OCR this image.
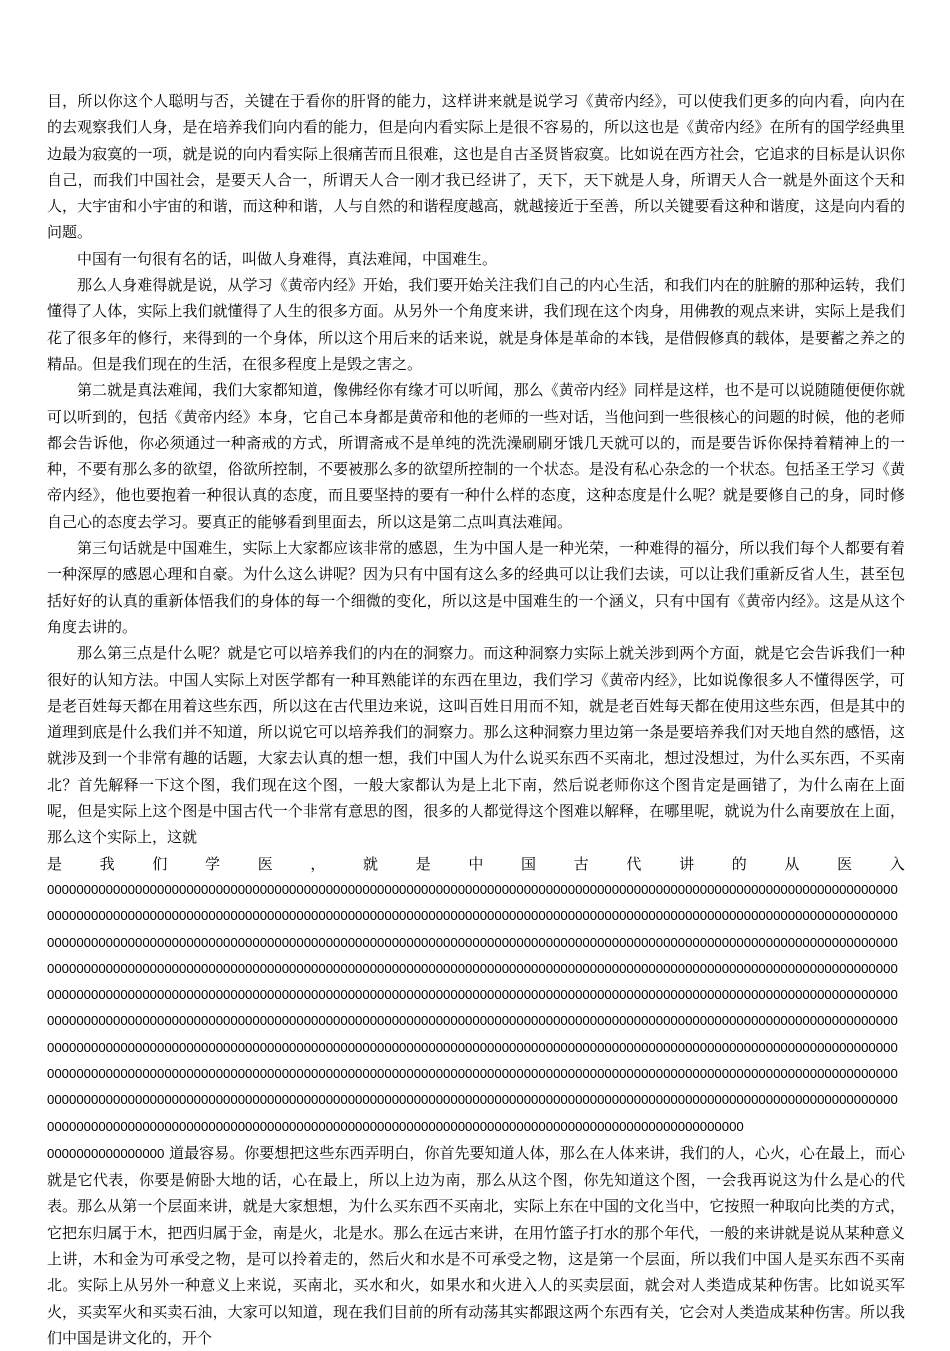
目，所以你这个人聪明与否，关键在于看你的肝肾的能力，这样讲来就是说学习《黄帝内经》，可以使我们更多的向内看，向内在的去观察我们人身，是在培养我们向内看的能力，但是向内看实际上是很不容易的，所以这也是《黄帝内经》在所有的国学经典里边最为寂寞的一项，就是说的向内看实际上很痛苦而且很难，这也是自古圣贤皆寂寞。比如说在西方社会，它追求的目标是认识你自己，而我们中国社会，是要天人合一，所谓天人合一刚才我已经讲了，天下，天下就是人身，所谓天人合一就是外面这个天和人，大宇宙和小宇宙的和谐，而这种和谐，人与自然的和谐程度越高，就越接近于至善，所以关键要看这种和谐度，这是向内看的问题。

中国有一句很有名的话，叫做人身难得，真法难闻，中国难生。

那么人身难得就是说，从学习《黄帝内经》开始，我们要开始关注我们自己的内心生活，和我们内在的脏腑的那种运转，我们懂得了人体，实际上我们就懂得了人生的很多方面。从另外一个角度来讲，我们现在这个肉身，用佛教的观点来讲，实际上是我们花了很多年的修行，来得到的一个身体，所以这个用后来的话来说，就是身体是革命的本钱，是借假修真的载体，是要蓄之养之的精品。但是我们现在的生活，在很多程度上是毁之害之。

第二就是真法难闻，我们大家都知道，像佛经你有缘才可以听闻，那么《黄帝内经》同样是这样，也不是可以说随随便便你就可以听到的，包括《黄帝内经》本身，它自己本身都是黄帝和他的老师的一些对话，当他问到一些很核心的问题的时候，他的老师都会告诉他，你必须通过一种斋戒的方式，所谓斋戒不是单纯的洗洗澡刷刷牙饿几天就可以的，而是要告诉你保持着精神上的一种，不要有那么多的欲望，俗欲所控制，不要被那么多的欲望所控制的一个状态。是没有私心杂念的一个状态。包括圣王学习《黄帝内经》，他也要抱着一种很认真的态度，而且要坚持的要有一种什么样的态度，这种态度是什么呢？就是要修自己的身，同时修自己心的态度去学习。要真正的能够看到里面去，所以这是第二点叫真法难闻。

第三句话就是中国难生，实际上大家都应该非常的感恩，生为中国人是一种光荣，一种难得的福分，所以我们每个人都要有着一种深厚的感恩心理和自豪。为什么这么讲呢？因为只有中国有这么多的经典可以让我们去读，可以让我们重新反省人生，甚至包括好好的认真的重新体悟我们的身体的每一个细微的变化，所以这是中国难生的一个涵义，只有中国有《黄帝内经》。这是从这个角度去讲的。

那么第三点是什么呢？就是它可以培养我们的内在的洞察力。而这种洞察力实际上就关涉到两个方面，就是它会告诉我们一种很好的认知方法。中国人实际上对医学都有一种耳熟能详的东西在里边，我们学习《黄帝内经》，比如说像很多人不懂得医学，可是老百姓每天都在用着这些东西，所以这在古代里边来说，这叫百姓日用而不知，就是老百姓每天都在使用这些东西，但是其中的道理到底是什么我们并不知道，所以说它可以培养我们的洞察力。那么这种洞察力里边第一条是要培养我们对天地自然的感悟，这就涉及到一个非常有趣的话题，大家去认真的想一想，我们中国人为什么说买东西不买南北，想过没想过，为什么买东西，不买南北？首先解释一下这个图，我们现在这个图，一般大家都认为是上北下南，然后说老师你这个图肯定是画错了，为什么南在上面呢，但是实际上这个图是中国古代一个非常有意思的图，很多的人都觉得这个图难以解释，在哪里呢，就说为什么南要放在上面，那么这个实际上，这就

是	我	们	学	医	，	就	是	中	国	古	代	讲	的	从	医	入

00000000000000000000000000000000000000000000000000000000000000000000000000000000000000000000000000000000000000000000000000000000000000000000000000000000000000000000000000000000000000000000000000000000000000000000000000000000000000000000000000000000000000000000000000000000000000000000000000000000000000000000000000000000000000000000000000000000000000000000000000000000000000000000000000000000000000000000000000000000000000000000000000000000000000000000000000000000000000000000000000000000000000000000000000000000000000000000000000000000000000000000000000000000000000000000000000000000000000000000000000000000000000000000000000000000000000000000000000000000000000000000000000000000000000000000000000000000000000000000000000000000000000000000000000000000000000000000000000000000000000000000000000000000000000000000000000000000000000000000000000000000000000000000000000000000000000000000000000000000000000000000000000000000000000000000000000000000000000000000000000000000000000000000000000000000000000000000000000000000000000000000000000000000000000000000000000000000000000000000000000000000000000000000000000000000000000000000000000000000000

0000000000000000 道最容易。你要想把这些东西弄明白，你首先要知道人体，那么在人体来讲，我们的人，心火，心在最上，而心就是它代表，你要是俯卧大地的话，心在最上，所以上边为南，那么从这个图，你先知道这个图，一会我再说这为什么是心的代表。那么从第一个层面来讲，就是大家想想，为什么买东西不买南北，实际上东在中国的文化当中，它按照一种取向比类的方式，它把东归属于木，把西归属于金，南是火，北是水。那么在远古来讲，在用竹篮子打水的那个年代，一般的来讲就是说从某种意义上讲，木和金为可承受之物，是可以拎着走的，然后火和水是不可承受之物，这是第一个层面，所以我们中国人是买东西不买南北。实际上从另外一种意义上来说，买南北，买水和火，如果水和火进入人的买卖层面，就会对人类造成某种伤害。比如说买军火，买卖军火和买卖石油，大家可以知道，现在我们目前的所有动荡其实都跟这两个东西有关，它会对人类造成某种伤害。所以我们中国是讲文化的，开个
